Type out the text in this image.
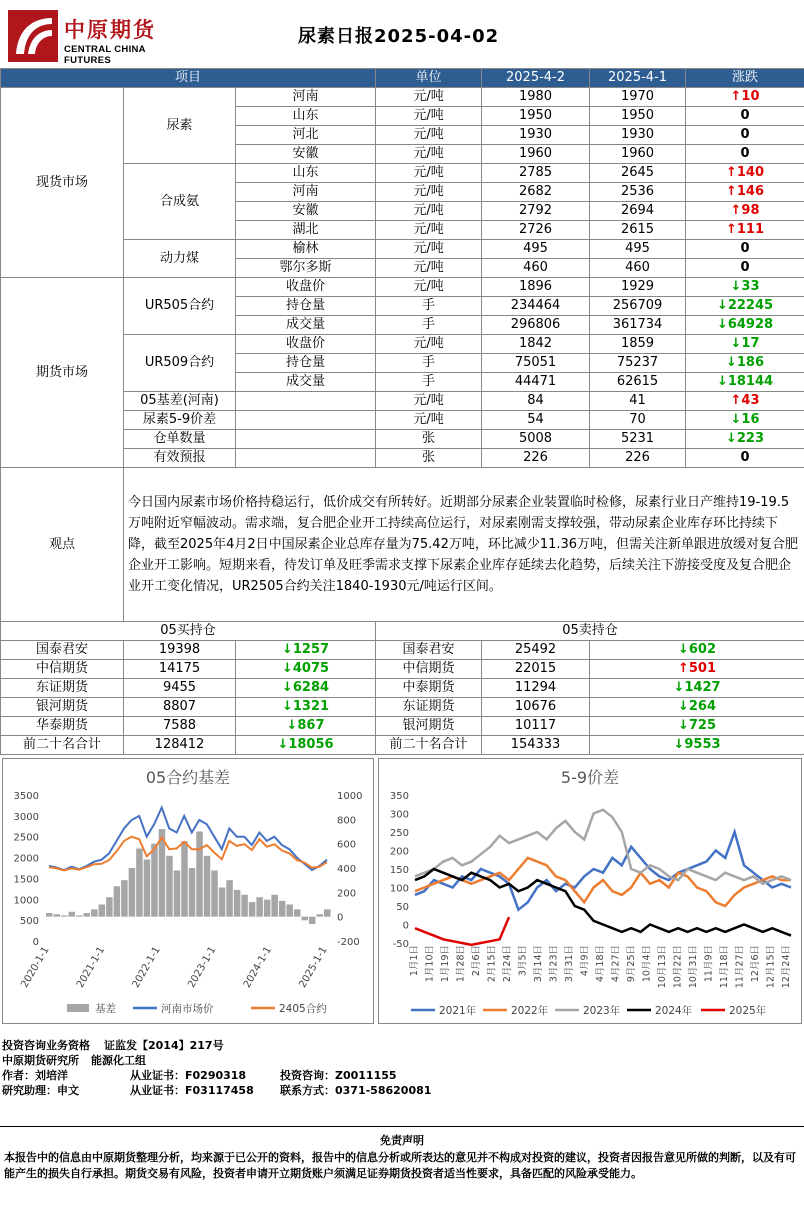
中原期货
CENTRAL CHINA FUTURES
尿素日报2025-04-02
项目			单位	2025-4-2	2025-4-1	涨跌
现货市场	尿素	河南	元/吨	1980	1970	↑10
		山东	元/吨	1950	1950	0
		河北	元/吨	1930	1930	0
		安徽	元/吨	1960	1960	0
	合成氨	山东	元/吨	2785	2645	↑140
		河南	元/吨	2682	2536	↑146
		安徽	元/吨	2792	2694	↑98
		湖北	元/吨	2726	2615	↑111
	动力煤	榆林	元/吨	495	495	0
		鄂尔多斯	元/吨	460	460	0
期货市场	UR505合约	收盘价	元/吨	1896	1929	↓33
		持仓量	手	234464	256709	↓22245
		成交量	手	296806	361734	↓64928
	UR509合约	收盘价	元/吨	1842	1859	↓17
		持仓量	手	75051	75237	↓186
		成交量	手	44471	62615	↓18144
	05基差(河南)		元/吨	84	41	↑43
	尿素5-9价差		元/吨	54	70	↓16
	仓单数量		张	5008	5231	↓223
	有效预报		张	226	226	0
观点	今日国内尿素市场价格持稳运行，低价成交有所转好。近期部分尿素企业装置临时检修，尿素行业日产维持19-19.5万吨附近窄幅波动。需求端，复合肥企业开工持续高位运行，对尿素刚需支撑较强，带动尿素企业库存环比持续下降，截至2025年4月2日中国尿素企业总库存量为75.42万吨，环比减少11.36万吨，但需关注新单跟进放缓对复合肥企业开工影响。短期来看，待发订单及旺季需求支撑下尿素企业库存延续去化趋势，后续关注下游接受度及复合肥企业开工变化情况，UR2505合约关注1840-1930元/吨运行区间。					
05买持仓			05卖持仓			
国泰君安	19398	↓1257	国泰君安	25492	↓602	
中信期货	14175	↓4075	中信期货	22015	↑501	
东证期货	9455	↓6284	中泰期货	11294	↓1427	
银河期货	8807	↓1321	东证期货	10676	↓264	
华泰期货	7588	↓867	银河期货	10117	↓725	
前二十名合计	128412	↓18056	前二十名合计	154333	↓9553	
05合约基差
0
500
1000
1500
2000
2500
3000
3500
-200
0
200
400
600
800
1000
2020-1-1 2021-1-1 2022-1-1 2023-1-1 2024-1-1 2025-1-1
基差	河南市场价	2405合约
5-9价差
-50
0
50
100
150
200
250
300
350
1月1日 1月10日 1月19日 1月28日 2月6日 2月15日 2月24日 3月5日 3月14日 3月23日 3月31日 4月9日 4月18日 4月27日 9月25日 10月4日 10月13日 10月22日 10月31日 11月9日 11月18日 11月27日 12月6日 12月15日 12月24日
2021年	2022年	2023年	2024年	2025年
投资咨询业务资格 证监发【2014】217号
中原期货研究所 能源化工组
作者：刘培洋	从业证书：F0290318	投资咨询：Z0011155
研究助理：申文	从业证书：F03117458	联系方式： 0371-58620081
免责声明
本报告中的信息由中原期货整理分析，均来源于已公开的资料，报告中的信息分析或所表达的意见并不构成对投资的建议，投资者因报告意见所做的判断，以及有可能产生的损失自行承担。期货交易有风险，投资者申请开立期货账户须满足证券期货投资者适当性要求，具备匹配的风险承受能力。
